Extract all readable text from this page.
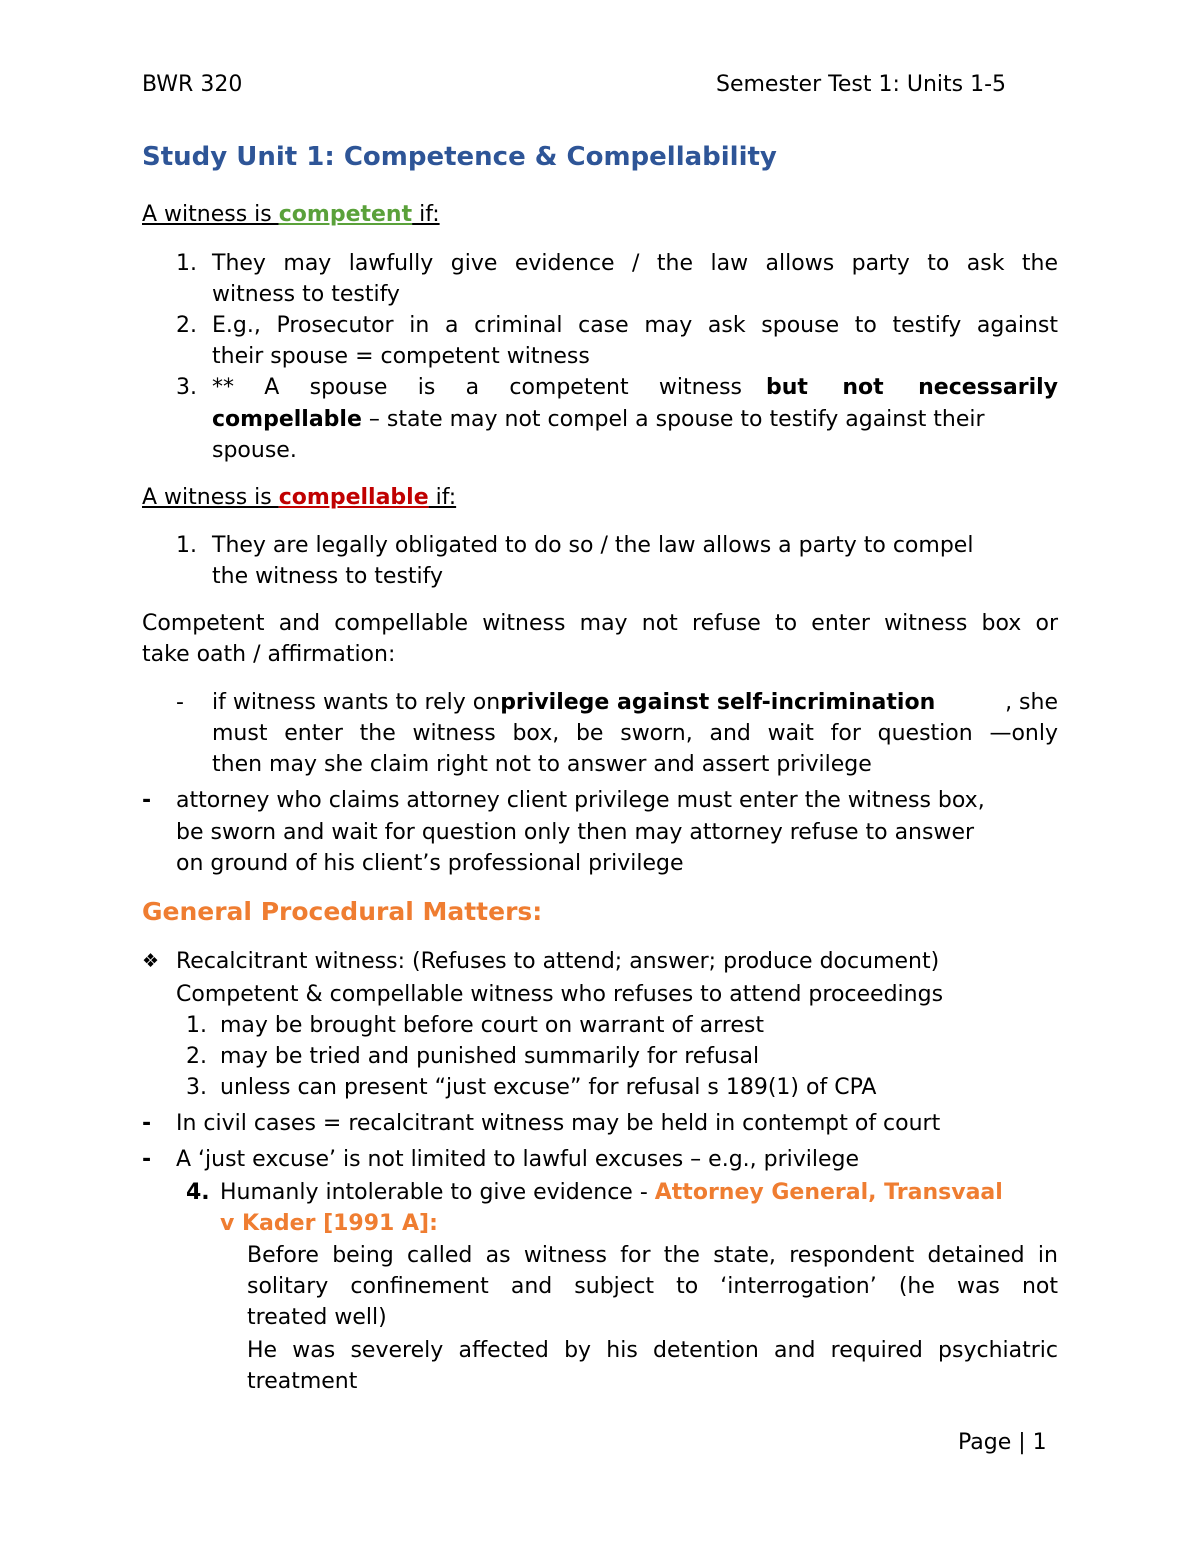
BWR 320	Semester Test 1: Units 1-5
Study Unit 1: Competence & Compellability
A witness is competent if:
1. They may lawfully give evidence / the law allows party to ask the
witness to testify
2. E.g., Prosecutor in a criminal case may ask spouse to testify against
their spouse = competent witness
3. ** A spouse is a competent witness but not necessarily
compellable – state may not compel a spouse to testify against their
spouse.
A witness is compellable if:
1. They are legally obligated to do so / the law allows a party to compel
the witness to testify
Competent and compellable witness may not refuse to enter witness box or
take oath / affirmation:
- if witness wants to rely on privilege against self-incrimination	, she
must enter the witness box, be sworn, and wait for question —only
then may she claim right not to answer and assert privilege
- attorney who claims attorney client privilege must enter the witness box,
be sworn and wait for question only then may attorney refuse to answer
on ground of his client’s professional privilege
General Procedural Matters:
❖ Recalcitrant witness: (Refuses to attend; answer; produce document)
Competent & compellable witness who refuses to attend proceedings
1. may be brought before court on warrant of arrest
2. may be tried and punished summarily for refusal
3. unless can present “just excuse” for refusal s 189(1) of CPA
- In civil cases = recalcitrant witness may be held in contempt of court
- A ‘just excuse’ is not limited to lawful excuses – e.g., privilege
4. Humanly intolerable to give evidence - Attorney General, Transvaal
v Kader [1991 A]:
Before being called as witness for the state, respondent detained in
solitary confinement and subject to ‘interrogation’ (he was not
treated well)
He was severely affected by his detention and required psychiatric
treatment
Page | 1
